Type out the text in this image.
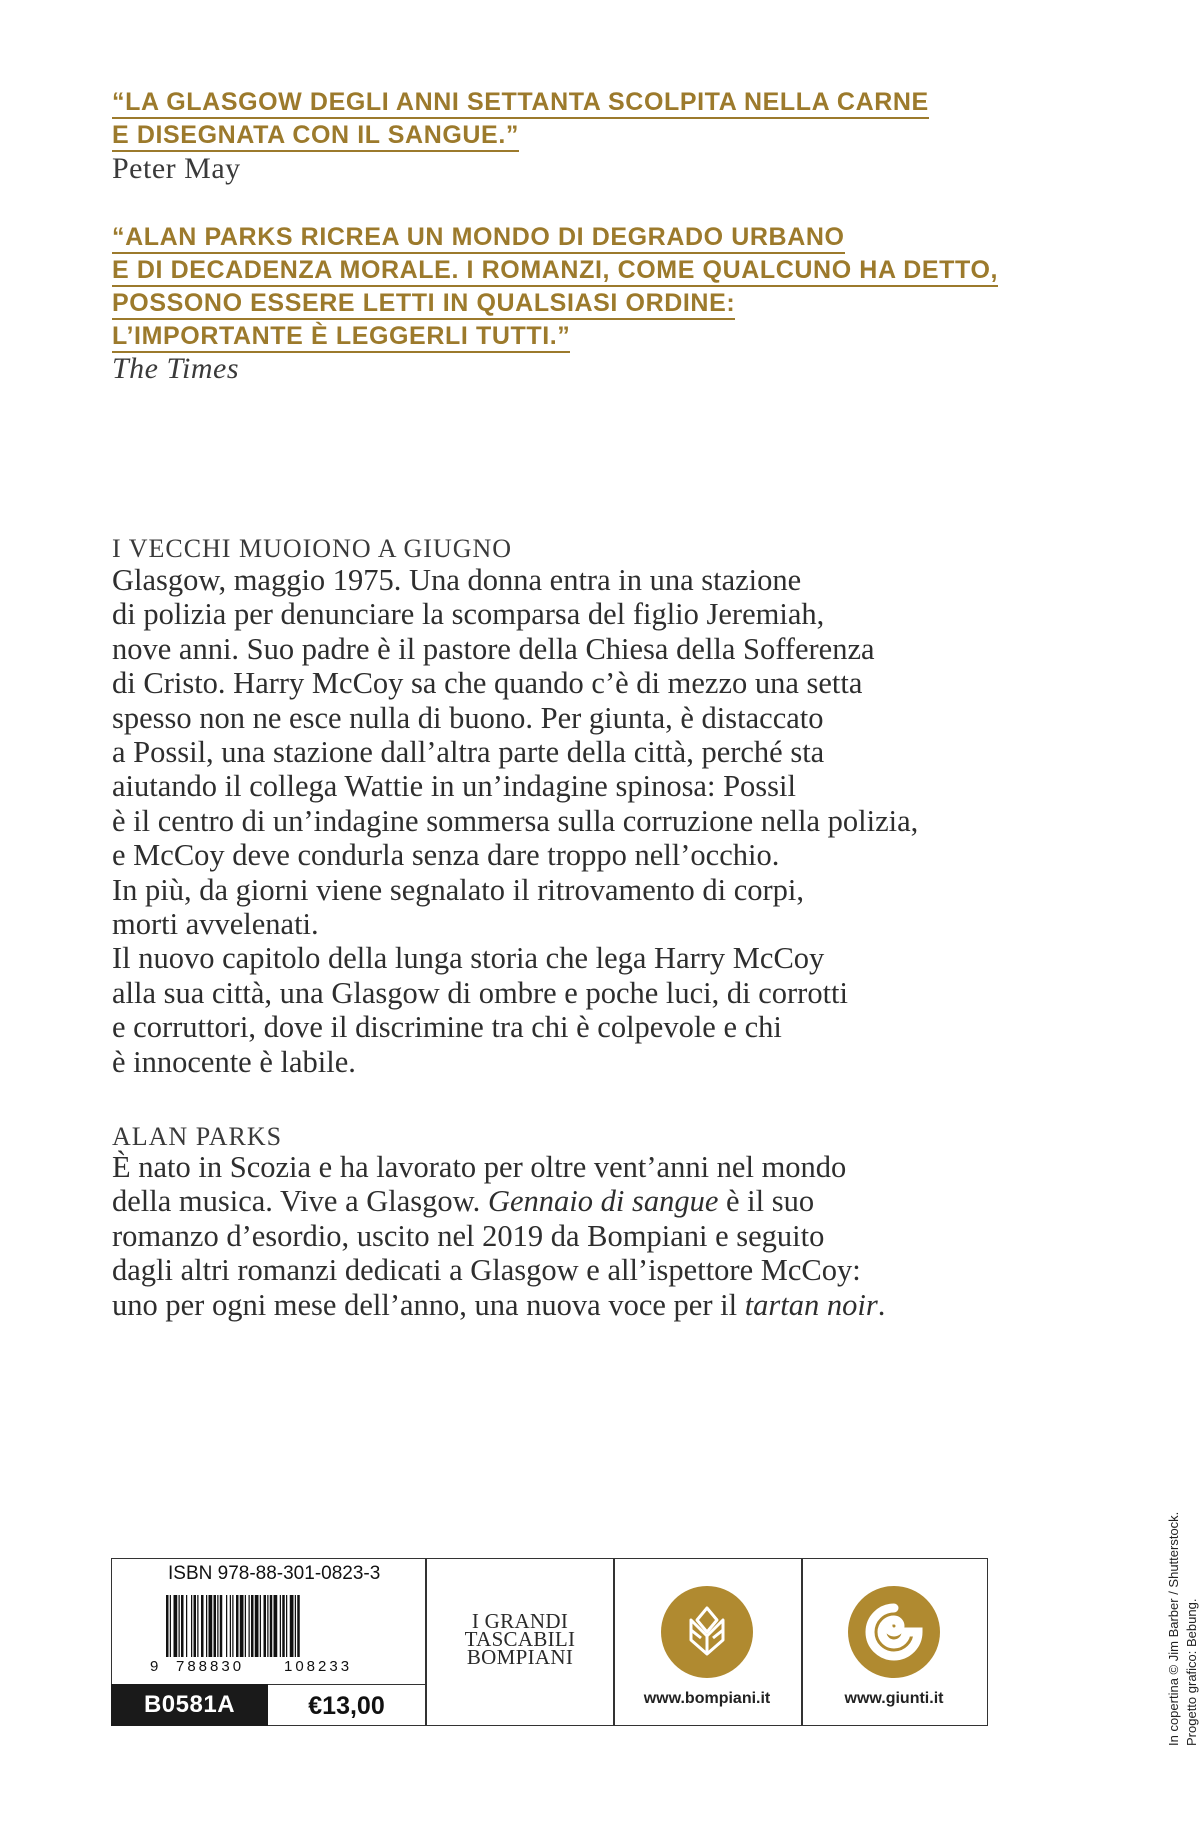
“LA GLASGOW DEGLI ANNI SETTANTA SCOLPITA NELLA CARNE
E DISEGNATA CON IL SANGUE.”
Peter May
“ALAN PARKS RICREA UN MONDO DI DEGRADO URBANO
E DI DECADENZA MORALE. I ROMANZI, COME QUALCUNO HA DETTO,
POSSONO ESSERE LETTI IN QUALSIASI ORDINE:
L’IMPORTANTE È LEGGERLI TUTTI.”
The Times
I VECCHI MUOIONO A GIUGNO
Glasgow, maggio 1975. Una donna entra in una stazione
di polizia per denunciare la scomparsa del figlio Jeremiah,
nove anni. Suo padre è il pastore della Chiesa della Sofferenza
di Cristo. Harry McCoy sa che quando c’è di mezzo una setta
spesso non ne esce nulla di buono. Per giunta, è distaccato
a Possil, una stazione dall’altra parte della città, perché sta
aiutando il collega Wattie in un’indagine spinosa: Possil
è il centro di un’indagine sommersa sulla corruzione nella polizia,
e McCoy deve condurla senza dare troppo nell’occhio.
In più, da giorni viene segnalato il ritrovamento di corpi,
morti avvelenati.
Il nuovo capitolo della lunga storia che lega Harry McCoy
alla sua città, una Glasgow di ombre e poche luci, di corrotti
e corruttori, dove il discrimine tra chi è colpevole e chi
è innocente è labile.
ALAN PARKS
È nato in Scozia e ha lavorato per oltre vent’anni nel mondo
della musica. Vive a Glasgow. Gennaio di sangue è il suo
romanzo d’esordio, uscito nel 2019 da Bompiani e seguito
dagli altri romanzi dedicati a Glasgow e all’ispettore McCoy:
uno per ogni mese dell’anno, una nuova voce per il tartan noir.
ISBN 978-88-301-0823-3
9 788830	108233
B0581A	€13,00
I GRANDI
TASCABILI
BOMPIANI
www.bompiani.it	www.giunti.it	In copertina © Jim Barber / Shutterstock. Progetto grafico: Bebung.
